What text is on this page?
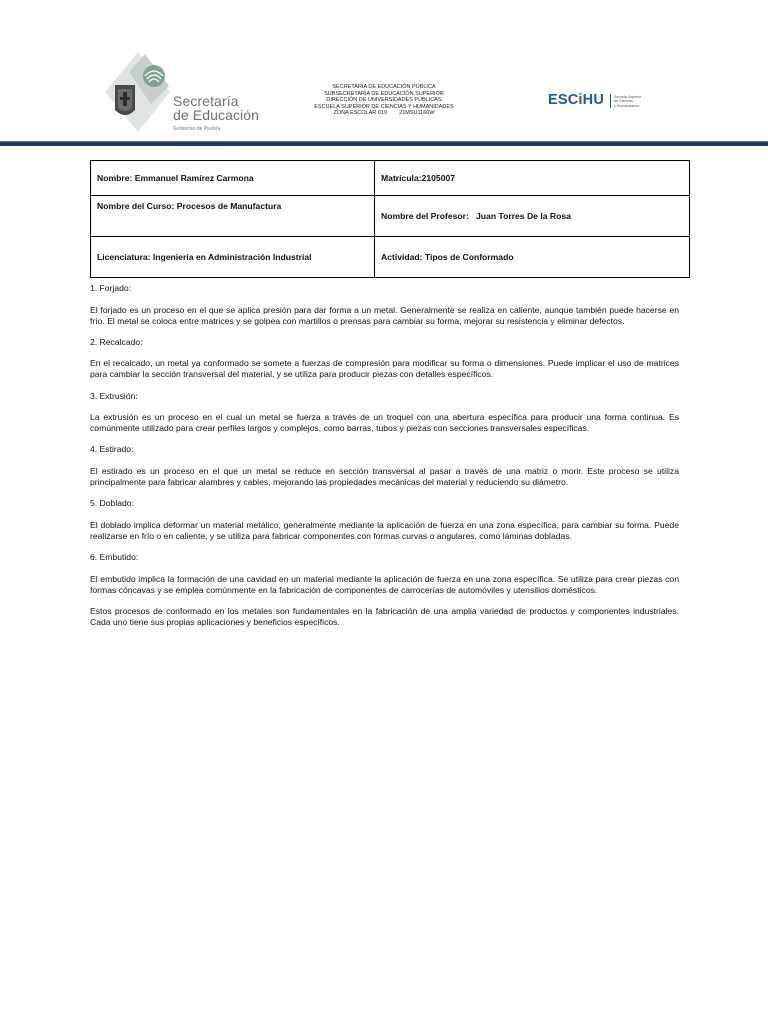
Secretaría
de Educación
Gobierno de Puebla
SECRETARÍA DE EDUCACIÓN PÚBLICA
SUBSECRETARÍA DE EDUCACIÓN SUPERIOR
DIRECCIÓN DE UNIVERSIDADES PÚBLICAS
ESCUELA SUPERIOR DE CIENCIAS Y HUMANIDADES
ZONA ESCOLAR 019        21MSU1160W
ESCiHU	Escuela Superior
de Ciencias
y Humanidades
Nombre: Emmanuel Ramírez Carmona	Matrícula:2105007
Nombre del Curso: Procesos de Manufactura	Nombre del Profesor:   Juan Torres De la Rosa
Licenciatura: Ingeniería en Administración Industrial	Actividad: Tipos de Conformado

1. Forjado:

El forjado es un proceso en el que se aplica presión para dar forma a un metal. Generalmente se realiza en caliente, aunque también puede hacerse en frío. El metal se coloca entre matrices y se golpea con martillos o prensas para cambiar su forma, mejorar su resistencia y eliminar defectos.

2. Recalcado:

En el recalcado, un metal ya conformado se somete a fuerzas de compresión para modificar su forma o dimensiones. Puede implicar el uso de matrices para cambiar la sección transversal del material, y se utiliza para producir piezas con detalles específicos.

3. Extrusión:

La extrusión es un proceso en el cual un metal se fuerza a través de un troquel con una abertura específica para producir una forma continua. Es comúnmente utilizado para crear perfiles largos y complejos, como barras, tubos y piezas con secciones transversales específicas.

4. Estirado:

El estirado es un proceso en el que un metal se reduce en sección transversal al pasar a través de una matriz o morir. Este proceso se utiliza principalmente para fabricar alambres y cables, mejorando las propiedades mecánicas del material y reduciendo su diámetro.

5. Doblado:

El doblado implica deformar un material metálico, generalmente mediante la aplicación de fuerza en una zona específica, para cambiar su forma. Puede realizarse en frío o en caliente, y se utiliza para fabricar componentes con formas curvas o angulares, como láminas dobladas.

6. Embutido:

El embutido implica la formación de una cavidad en un material mediante la aplicación de fuerza en una zona específica. Se utiliza para crear piezas con formas cóncavas y se emplea comúnmente en la fabricación de componentes de carrocerías de automóviles y utensilios domésticos.

Estos procesos de conformado en los metales son fundamentales en la fabricación de una amplia variedad de productos y componentes industriales. Cada uno tiene sus propias aplicaciones y beneficios específicos.
